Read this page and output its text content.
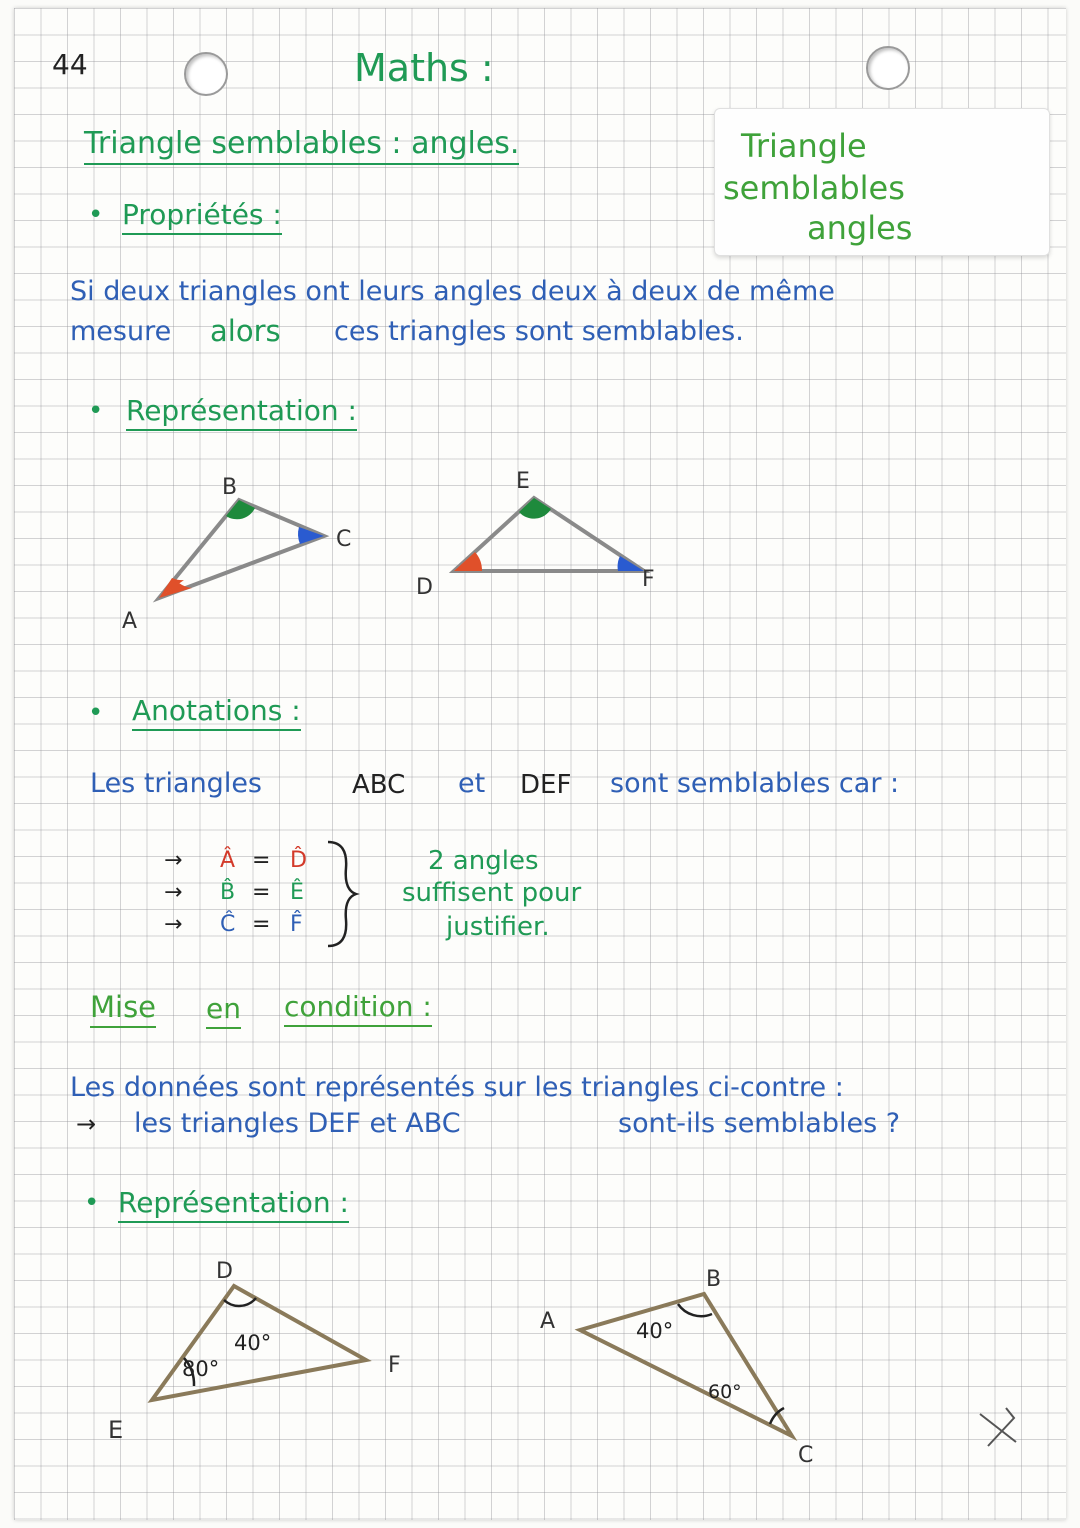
44	Maths :
Triangle semblables : angles.	Triangle
semblables
angles
• Propriétés :
Si deux triangles ont leurs angles deux à deux de même
mesure alors ces triangles sont semblables.
• Représentation :
A
B
C
D
E
F
• Anotations :
Les triangles	ABC et DEF sont semblables car :
→ Â = D̂
→ B̂ = Ê
→ Ĉ = F̂
2 angles
suffisent pour
justifier.
Mise en condition :
Les données sont représentés sur les triangles ci-contre :
→ les triangles DEF et ABC	sont-ils semblables ?
• Représentation :
D
E
F
40°
80°
A
B
C
40°
60°
